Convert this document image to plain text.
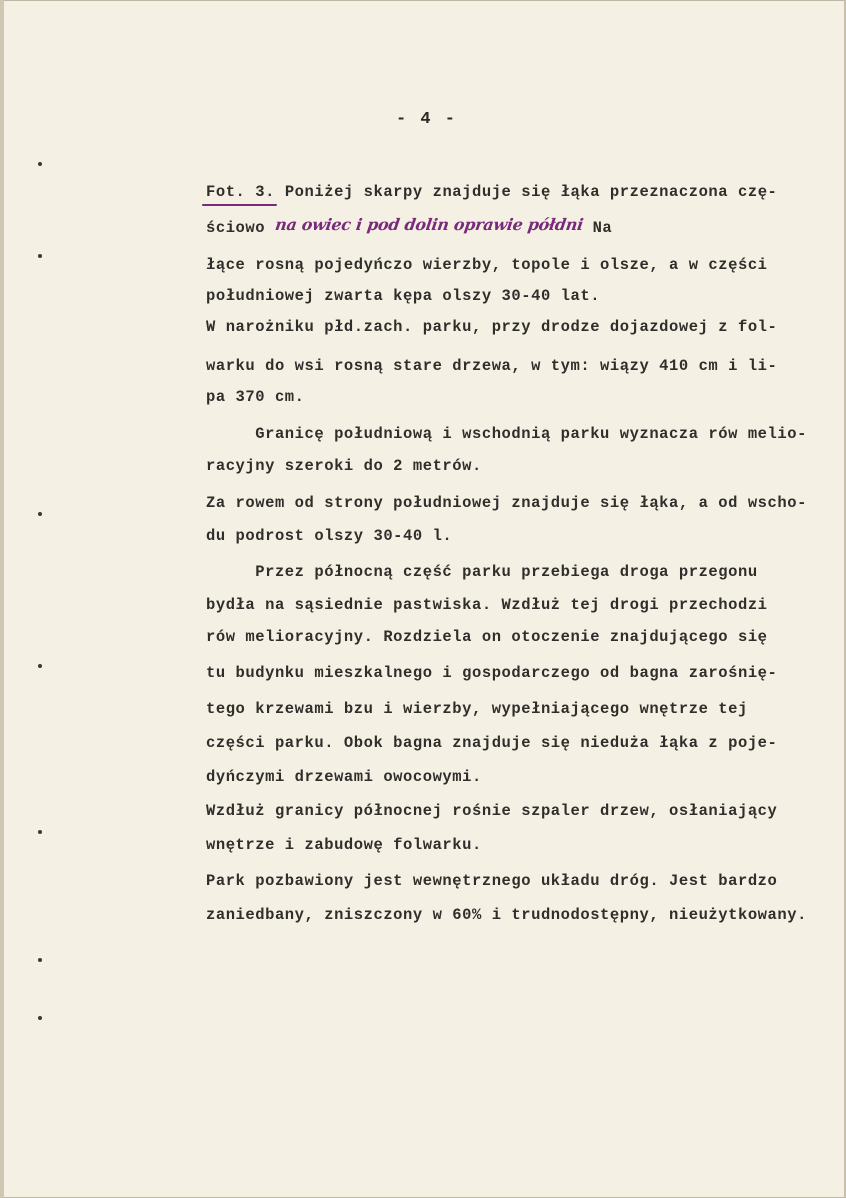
- 4 -
Fot. 3.
Poniżej skarpy znajduje się łąka przeznaczona czę-
ściowo na owiec i pod dolin oprawie półdni Na
łące rosną pojedyńczo wierzby, topole i olsze, a w części
południowej zwarta kępa olszy 30-40 lat.
W narożniku płd.zach. parku, przy drodze dojazdowej z fol-
warku do wsi rosną stare drzewa, w tym: wiązy 410 cm i li-
pa 370 cm.
Granicę południową i wschodnią parku wyznacza rów melio-
racyjny szeroki do 2 metrów.
Za rowem od strony południowej znajduje się łąka, a od wscho-
du podrost olszy 30-40 l.
Przez północną część parku przebiega droga przegonu
bydła na sąsiednie pastwiska. Wzdłuż tej drogi przechodzi
rów melioracyjny. Rozdziela on otoczenie znajdującego się
tu budynku mieszkalnego i gospodarczego od bagna zarośnię-
tego krzewami bzu i wierzby, wypełniającego wnętrze tej
części parku. Obok bagna znajduje się nieduża łąka z poje-
dyńczymi drzewami owocowymi.
Wzdłuż granicy północnej rośnie szpaler drzew, osłaniający
wnętrze i zabudowę folwarku.
Park pozbawiony jest wewnętrznego układu dróg. Jest bardzo
zaniedbany, zniszczony w 60% i trudnodostępny, nieużytkowany.
